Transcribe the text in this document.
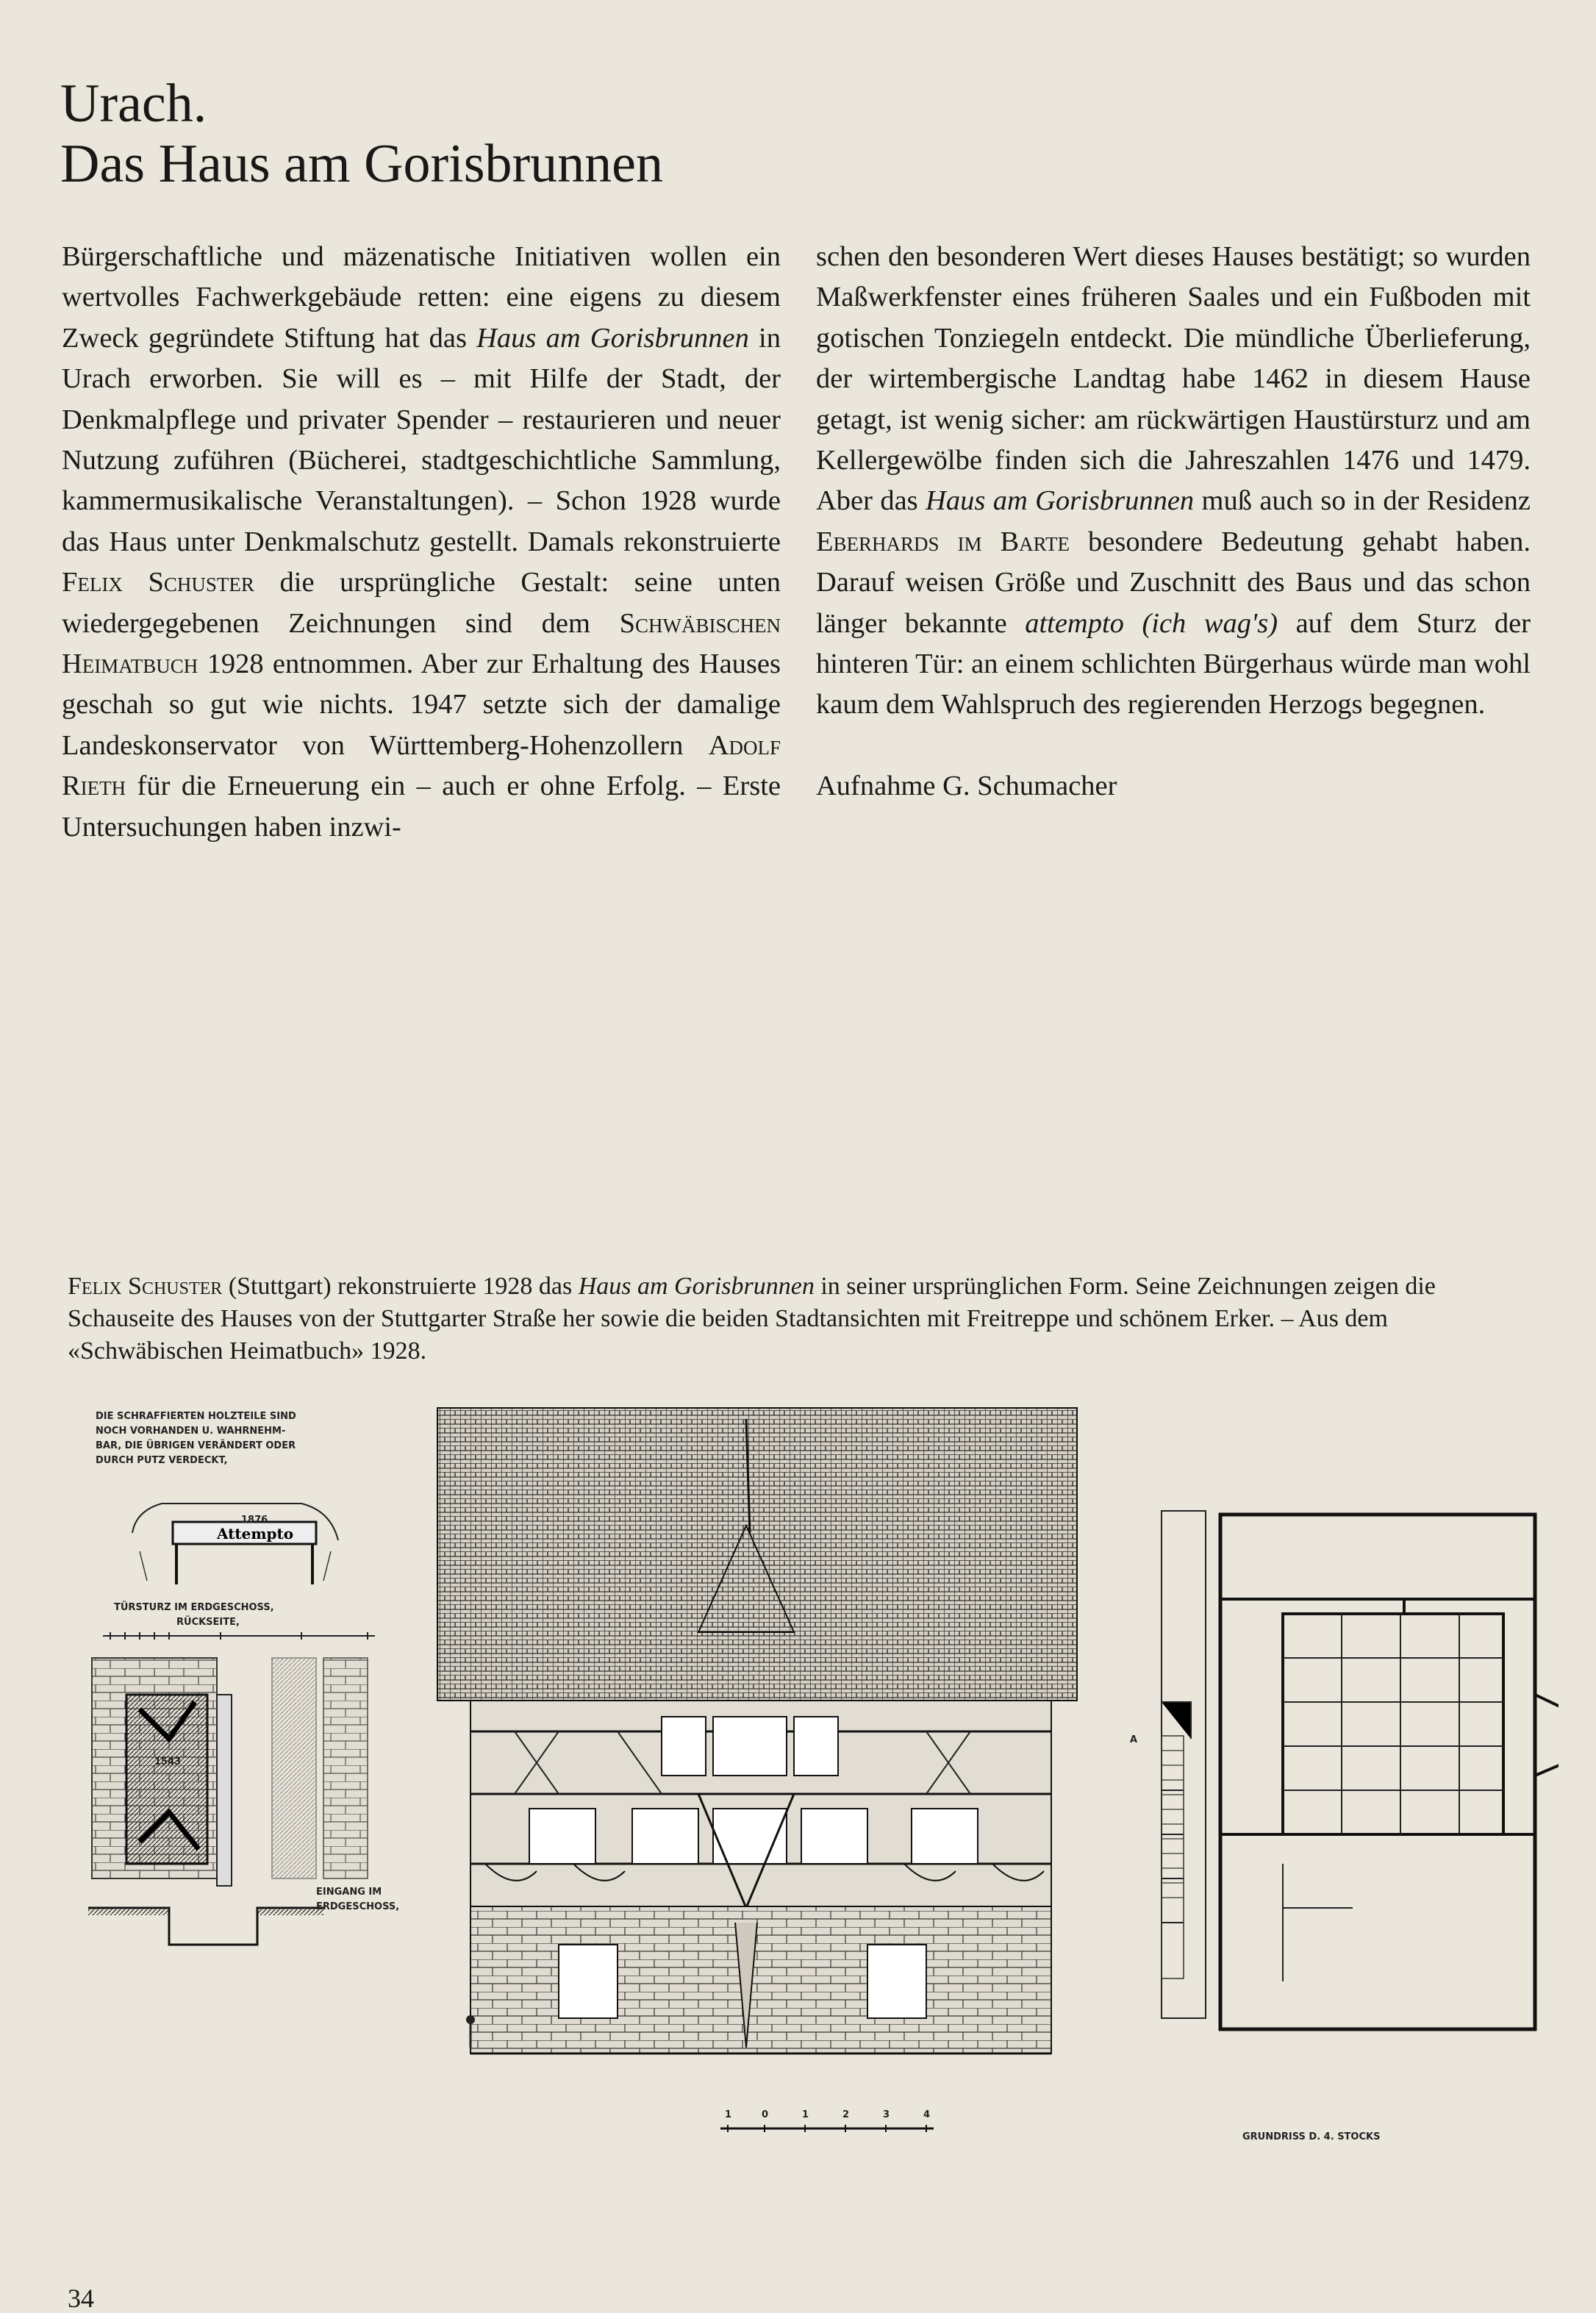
Urach.
Das Haus am Gorisbrunnen

Bürgerschaftliche und mäzenatische Initiativen wollen ein wertvolles Fachwerkgebäude retten: eine eigens zu diesem Zweck gegründete Stiftung hat das Haus am Gorisbrunnen in Urach erworben. Sie will es – mit Hilfe der Stadt, der Denkmalpflege und privater Spender – restaurieren und neuer Nutzung zuführen (Bücherei, stadtgeschichtliche Sammlung, kammermusikalische Veranstaltungen). – Schon 1928 wurde das Haus unter Denkmalschutz gestellt. Damals rekonstruierte Felix Schuster die ursprüngliche Gestalt: seine unten wiedergegebenen Zeichnungen sind dem Schwäbischen Heimatbuch 1928 entnommen. Aber zur Erhaltung des Hauses geschah so gut wie nichts. 1947 setzte sich der damalige Landeskonservator von Württemberg-Hohenzollern Adolf Rieth für die Erneuerung ein – auch er ohne Erfolg. – Erste Untersuchungen haben inzwi-

schen den besonderen Wert dieses Hauses bestätigt; so wurden Maßwerkfenster eines früheren Saales und ein Fußboden mit gotischen Tonziegeln entdeckt. Die mündliche Überlieferung, der wirtembergische Landtag habe 1462 in diesem Hause getagt, ist wenig sicher: am rückwärtigen Haustürsturz und am Kellergewölbe finden sich die Jahreszahlen 1476 und 1479. Aber das Haus am Gorisbrunnen muß auch so in der Residenz Eberhards im Barte besondere Bedeutung gehabt haben. Darauf weisen Größe und Zuschnitt des Baus und das schon länger bekannte attempto (ich wag's) auf dem Sturz der hinteren Tür: an einem schlichten Bürgerhaus würde man wohl kaum dem Wahlspruch des regierenden Herzogs begegnen.

Aufnahme G. Schumacher

Felix Schuster (Stuttgart) rekonstruierte 1928 das Haus am Gorisbrunnen in seiner ursprünglichen Form. Seine Zeichnungen zeigen die Schauseite des Hauses von der Stuttgarter Straße her sowie die beiden Stadtansichten mit Freitreppe und schönem Erker. – Aus dem «Schwäbischen Heimatbuch» 1928.

DIE SCHRAFFIERTEN HOLZTEILE SIND
NOCH VORHANDEN U. WAHRNEHM-
BAR, DIE ÜBRIGEN VERÄNDERT ODER
DURCH PUTZ VERDECKT,
1876
Attempto
TÜRSTURZ IM ERDGESCHOSS,
RÜCKSEITE,
1543
EINGANG IM
ERDGESCHOSS,
1	0	1	2	3	4
A
GRUNDRISS D. 4. STOCKS
34
